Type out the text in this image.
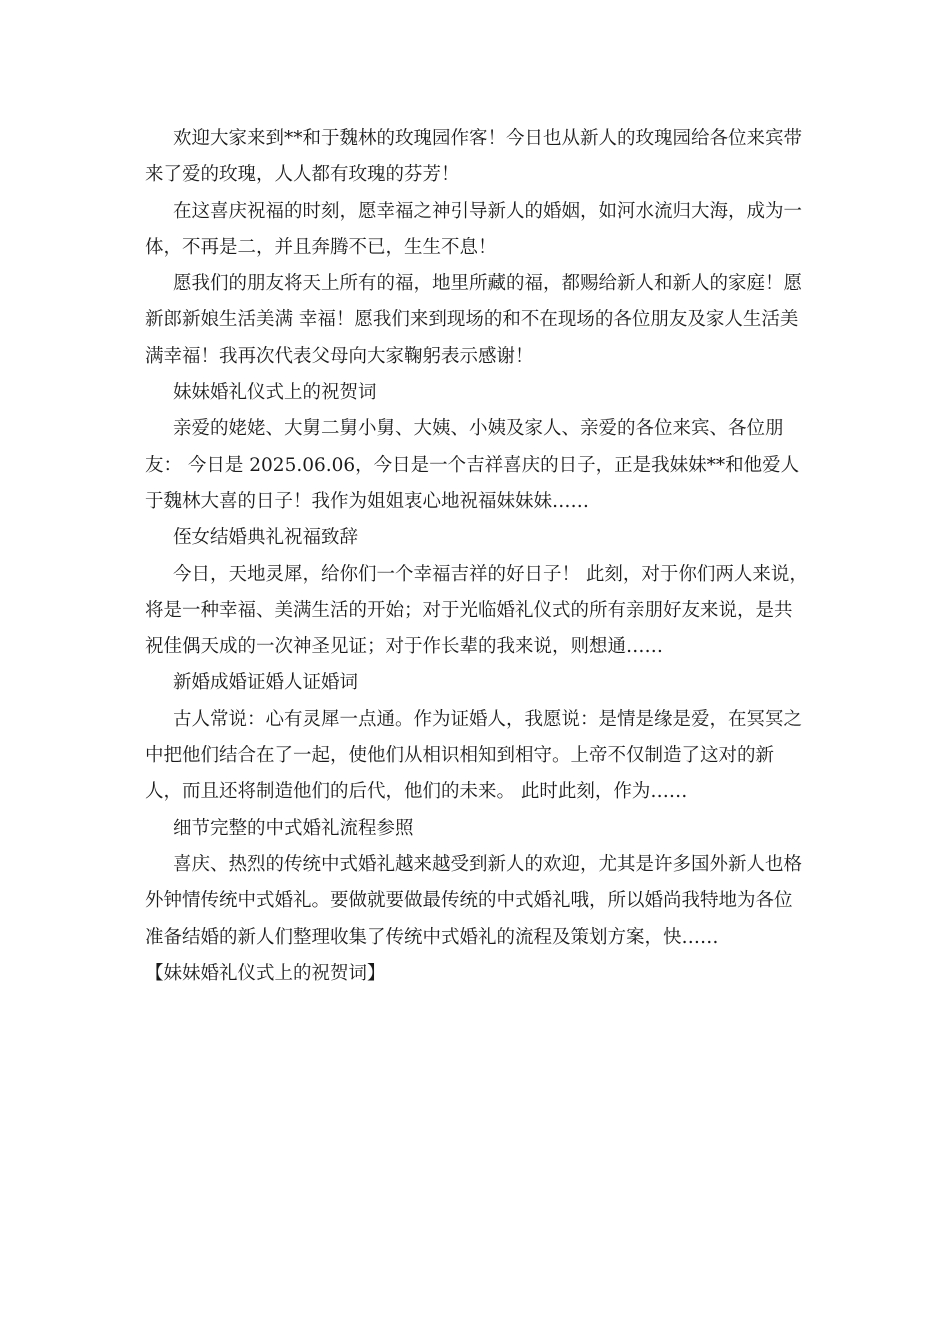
欢迎大家来到**和于魏林的玫瑰园作客！今日也从新人的玫瑰园给各位来宾带来了爱的玫瑰，人人都有玫瑰的芬芳！

在这喜庆祝福的时刻，愿幸福之神引导新人的婚姻，如河水流归大海，成为一体，不再是二，并且奔腾不已，生生不息！

愿我们的朋友将天上所有的福，地里所藏的福，都赐给新人和新人的家庭！愿新郎新娘生活美满 幸福！愿我们来到现场的和不在现场的各位朋友及家人生活美满幸福！我再次代表父母向大家鞠躬表示感谢！

妹妹婚礼仪式上的祝贺词

亲爱的姥姥、大舅二舅小舅、大姨、小姨及家人、亲爱的各位来宾、各位朋友： 今日是 2025.06.06，今日是一个吉祥喜庆的日子，正是我妹妹**和他爱人于魏林大喜的日子！我作为姐姐衷心地祝福妹妹妹……

侄女结婚典礼祝福致辞

今日，天地灵犀，给你们一个幸福吉祥的好日子！ 此刻，对于你们两人来说，将是一种幸福、美满生活的开始；对于光临婚礼仪式的所有亲朋好友来说，是共祝佳偶天成的一次神圣见证；对于作长辈的我来说，则想通……

新婚成婚证婚人证婚词

古人常说：心有灵犀一点通。作为证婚人，我愿说：是情是缘是爱，在冥冥之中把他们结合在了一起，使他们从相识相知到相守。上帝不仅制造了这对的新人，而且还将制造他们的后代，他们的未来。 此时此刻，作为……

细节完整的中式婚礼流程参照

喜庆、热烈的传统中式婚礼越来越受到新人的欢迎，尤其是许多国外新人也格外钟情传统中式婚礼。要做就要做最传统的中式婚礼哦，所以婚尚我特地为各位准备结婚的新人们整理收集了传统中式婚礼的流程及策划方案，快……

【妹妹婚礼仪式上的祝贺词】
